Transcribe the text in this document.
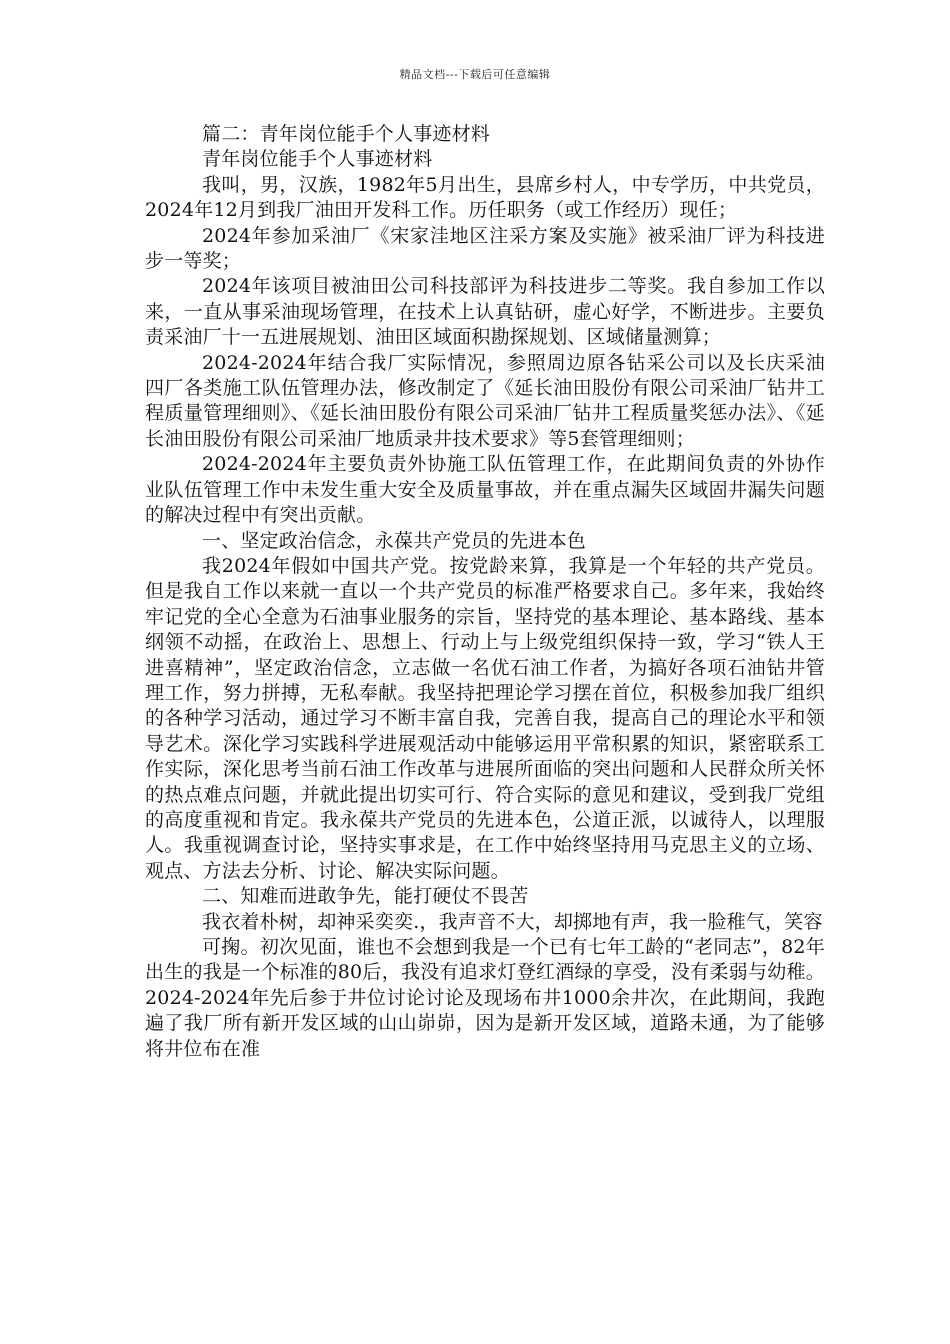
精品文档---下载后可任意编辑

篇二：青年岗位能手个人事迹材料

青年岗位能手个人事迹材料

我叫，男，汉族，1982年5月出生，县席乡村人，中专学历，中共党员，2024年12月到我厂油田开发科工作。历任职务（或工作经历）现任；

2024年参加采油厂《宋家洼地区注采方案及实施》被采油厂评为科技进步一等奖；

2024年该项目被油田公司科技部评为科技进步二等奖。我自参加工作以来，一直从事采油现场管理，在技术上认真钻研，虚心好学，不断进步。主要负责采油厂十一五进展规划、油田区域面积勘探规划、区域储量测算；

2024-2024年结合我厂实际情况，参照周边原各钻采公司以及长庆采油四厂各类施工队伍管理办法，修改制定了《延长油田股份有限公司采油厂钻井工程质量管理细则》、《延长油田股份有限公司采油厂钻井工程质量奖惩办法》、《延长油田股份有限公司采油厂地质录井技术要求》等5套管理细则；

2024-2024年主要负责外协施工队伍管理工作，在此期间负责的外协作业队伍管理工作中未发生重大安全及质量事故，并在重点漏失区域固井漏失问题的解决过程中有突出贡献。

一、坚定政治信念，永葆共产党员的先进本色

我2024年假如中国共产党。按党龄来算，我算是一个年轻的共产党员。但是我自工作以来就一直以一个共产党员的标准严格要求自己。多年来，我始终牢记党的全心全意为石油事业服务的宗旨，坚持党的基本理论、基本路线、基本纲领不动摇，在政治上、思想上、行动上与上级党组织保持一致，学习“铁人王进喜精神”，坚定政治信念，立志做一名优石油工作者，为搞好各项石油钻井管理工作，努力拼搏，无私奉献。我坚持把理论学习摆在首位，积极参加我厂组织的各种学习活动，通过学习不断丰富自我，完善自我，提高自己的理论水平和领导艺术。深化学习实践科学进展观活动中能够运用平常积累的知识，紧密联系工作实际，深化思考当前石油工作改革与进展所面临的突出问题和人民群众所关怀的热点难点问题，并就此提出切实可行、符合实际的意见和建议，受到我厂党组的高度重视和肯定。我永葆共产党员的先进本色，公道正派，以诚待人，以理服人。我重视调查讨论，坚持实事求是，在工作中始终坚持用马克思主义的立场、观点、方法去分析、讨论、解决实际问题。

二、知难而进敢争先，能打硬仗不畏苦

我衣着朴树，却神采奕奕.，我声音不大，却掷地有声，我一脸稚气，笑容

可掬。初次见面，谁也不会想到我是一个已有七年工龄的“老同志”，82年出生的我是一个标准的80后，我没有追求灯登红酒绿的享受，没有柔弱与幼稚。2024-2024年先后参于井位讨论讨论及现场布井1000余井次，在此期间，我跑遍了我厂所有新开发区域的山山峁峁，因为是新开发区域，道路未通，为了能够将井位布在准
